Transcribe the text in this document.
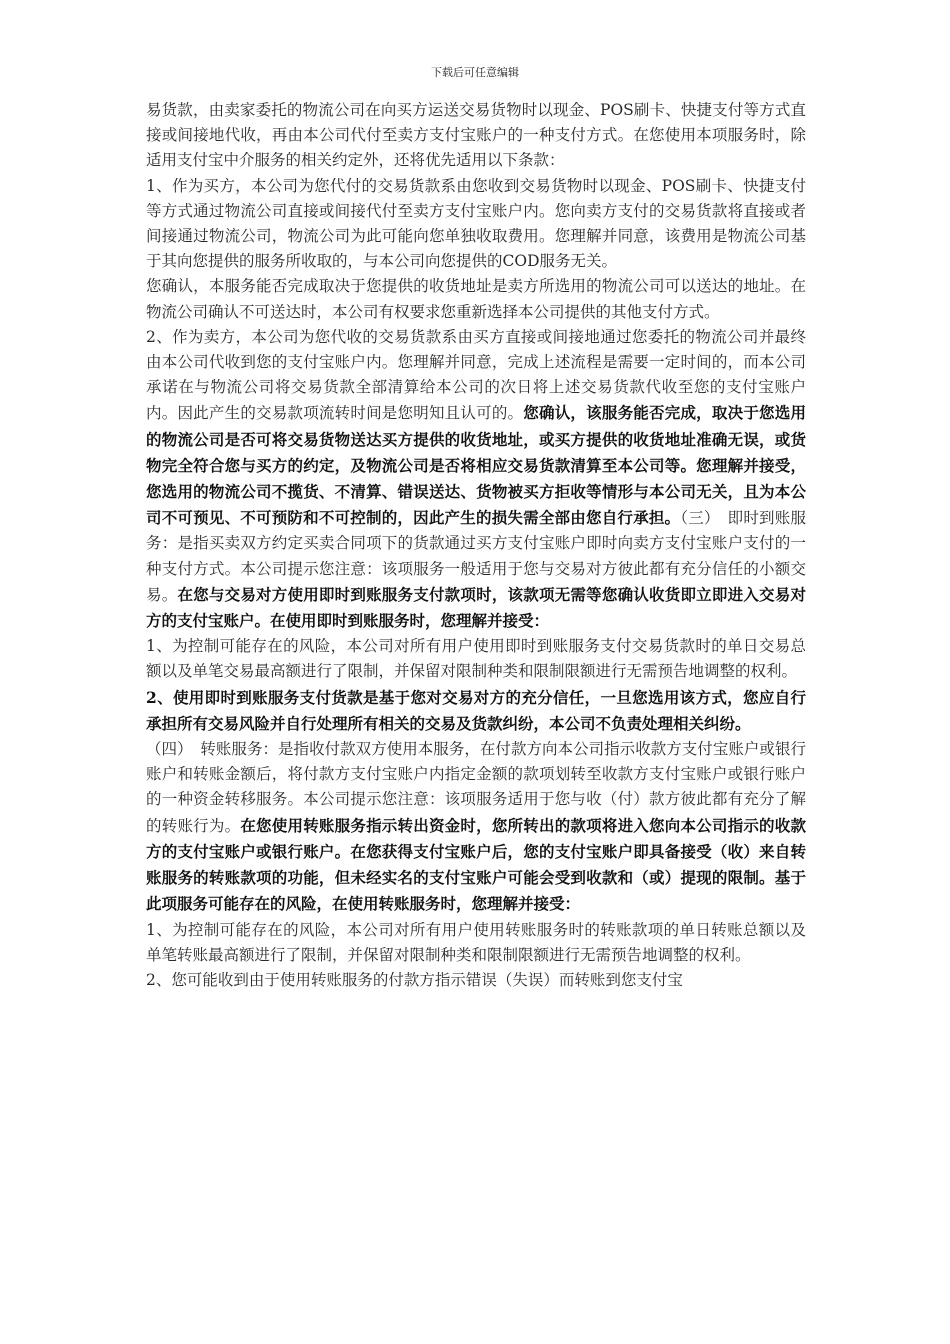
下载后可任意编辑

易货款，由卖家委托的物流公司在向买方运送交易货物时以现金、POS刷卡、快捷支付等方式直接或间接地代收，再由本公司代付至卖方支付宝账户的一种支付方式。在您使用本项服务时，除适用支付宝中介服务的相关约定外，还将优先适用以下条款：

1、作为买方，本公司为您代付的交易货款系由您收到交易货物时以现金、POS刷卡、快捷支付等方式通过物流公司直接或间接代付至卖方支付宝账户内。您向卖方支付的交易货款将直接或者间接通过物流公司，物流公司为此可能向您单独收取费用。您理解并同意，该费用是物流公司基于其向您提供的服务所收取的，与本公司向您提供的COD服务无关。

您确认，本服务能否完成取决于您提供的收货地址是卖方所选用的物流公司可以送达的地址。在物流公司确认不可送达时，本公司有权要求您重新选择本公司提供的其他支付方式。

2、作为卖方，本公司为您代收的交易货款系由买方直接或间接地通过您委托的物流公司并最终由本公司代收到您的支付宝账户内。您理解并同意，完成上述流程是需要一定时间的，而本公司承诺在与物流公司将交易货款全部清算给本公司的次日将上述交易货款代收至您的支付宝账户内。因此产生的交易款项流转时间是您明知且认可的。您确认，该服务能否完成，取决于您选用的物流公司是否可将交易货物送达买方提供的收货地址，或买方提供的收货地址准确无误，或货物完全符合您与买方的约定，及物流公司是否将相应交易货款清算至本公司等。您理解并接受，您选用的物流公司不揽货、不清算、错误送达、货物被买方拒收等情形与本公司无关，且为本公司不可预见、不可预防和不可控制的，因此产生的损失需全部由您自行承担。（三）　即时到账服务：是指买卖双方约定买卖合同项下的货款通过买方支付宝账户即时向卖方支付宝账户支付的一种支付方式。本公司提示您注意：该项服务一般适用于您与交易对方彼此都有充分信任的小额交易。在您与交易对方使用即时到账服务支付款项时，该款项无需等您确认收货即立即进入交易对方的支付宝账户。在使用即时到账服务时，您理解并接受：

1、为控制可能存在的风险，本公司对所有用户使用即时到账服务支付交易货款时的单日交易总额以及单笔交易最高额进行了限制，并保留对限制种类和限制限额进行无需预告地调整的权利。

2、使用即时到账服务支付货款是基于您对交易对方的充分信任，一旦您选用该方式，您应自行承担所有交易风险并自行处理所有相关的交易及货款纠纷，本公司不负责处理相关纠纷。

（四）　转账服务：是指收付款双方使用本服务，在付款方向本公司指示收款方支付宝账户或银行账户和转账金额后，将付款方支付宝账户内指定金额的款项划转至收款方支付宝账户或银行账户的一种资金转移服务。本公司提示您注意：该项服务适用于您与收（付）款方彼此都有充分了解的转账行为。在您使用转账服务指示转出资金时，您所转出的款项将进入您向本公司指示的收款方的支付宝账户或银行账户。在您获得支付宝账户后，您的支付宝账户即具备接受（收）来自转账服务的转账款项的功能，但未经实名的支付宝账户可能会受到收款和（或）提现的限制。基于此项服务可能存在的风险，在使用转账服务时，您理解并接受：

1、为控制可能存在的风险，本公司对所有用户使用转账服务时的转账款项的单日转账总额以及单笔转账最高额进行了限制，并保留对限制种类和限制限额进行无需预告地调整的权利。

2、您可能收到由于使用转账服务的付款方指示错误（失误）而转账到您支付宝
